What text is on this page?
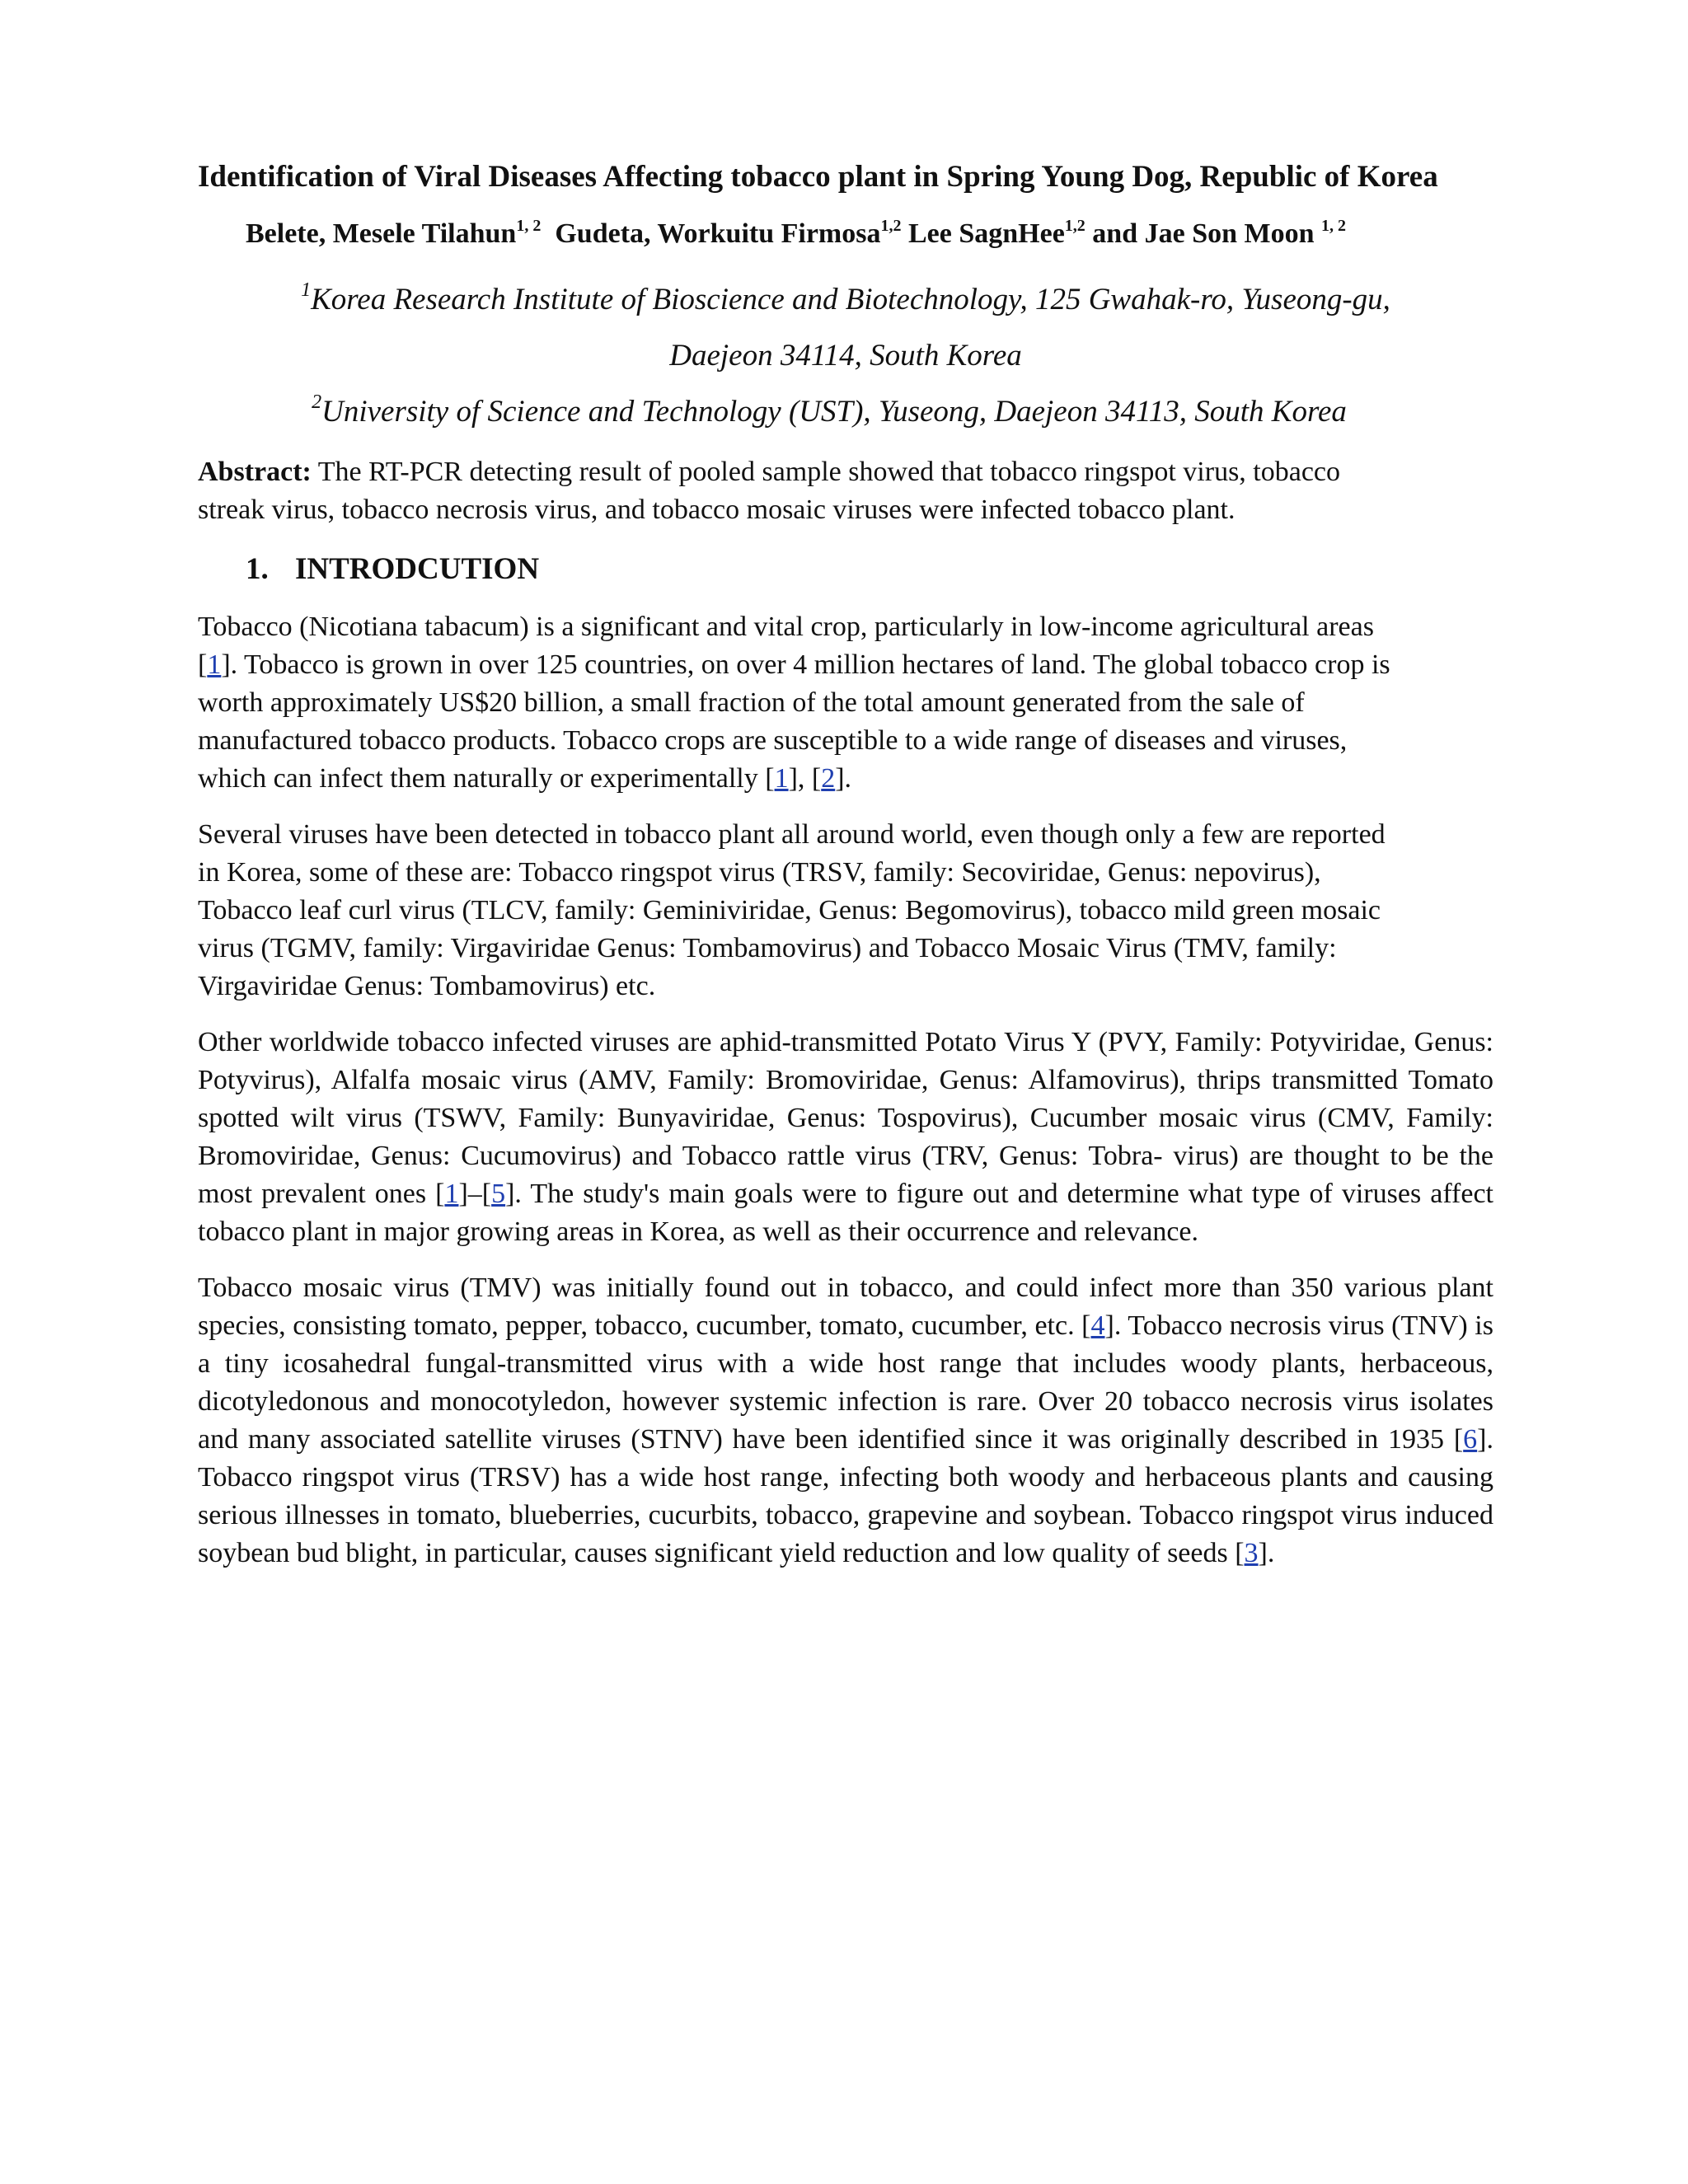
Identification of Viral Diseases Affecting tobacco plant in Spring Young Dog, Republic of Korea
Belete, Mesele Tilahun$^{1, 2}$ Gudeta, Workuitu Firmosa$^{1,2}$ Lee SagnHee$^{1,2}$ and Jae Son Moon $^{1, 2}$

$^1$Korea Research Institute of Bioscience and Biotechnology, 125 Gwahak-ro, Yuseong-gu,

Daejeon 34114, South Korea

$^2$University of Science and Technology (UST), Yuseong, Daejeon 34113, South Korea

Abstract: The RT-PCR detecting result of pooled sample showed that tobacco ringspot virus, tobacco streak virus, tobacco necrosis virus, and tobacco mosaic viruses were infected tobacco plant.

1. INTRODCUTION

Tobacco (Nicotiana tabacum) is a significant and vital crop, particularly in low-income agricultural areas [1]. Tobacco is grown in over 125 countries, on over 4 million hectares of land. The global tobacco crop is worth approximately US$20 billion, a small fraction of the total amount generated from the sale of manufactured tobacco products. Tobacco crops are susceptible to a wide range of diseases and viruses, which can infect them naturally or experimentally [1], [2].

Several viruses have been detected in tobacco plant all around world, even though only a few are reported in Korea, some of these are: Tobacco ringspot virus (TRSV, family: Secoviridae, Genus: nepovirus), Tobacco leaf curl virus (TLCV, family: Geminiviridae, Genus: Begomovirus), tobacco mild green mosaic virus (TGMV, family: Virgaviridae Genus: Tombamovirus) and Tobacco Mosaic Virus (TMV, family: Virgaviridae Genus: Tombamovirus) etc.

Other worldwide tobacco infected viruses are aphid-transmitted Potato Virus Y (PVY, Family: Potyviridae, Genus: Potyvirus), Alfalfa mosaic virus (AMV, Family: Bromoviridae, Genus: Alfamovirus), thrips transmitted Tomato spotted wilt virus (TSWV, Family: Bunyaviridae, Genus: Tospovirus), Cucumber mosaic virus (CMV, Family: Bromoviridae, Genus: Cucumovirus) and Tobacco rattle virus (TRV, Genus: Tobra- virus) are thought to be the most prevalent ones [1]–[5]. The study's main goals were to figure out and determine what type of viruses affect tobacco plant in major growing areas in Korea, as well as their occurrence and relevance.

Tobacco mosaic virus (TMV) was initially found out in tobacco, and could infect more than 350 various plant species, consisting tomato, pepper, tobacco, cucumber, tomato, cucumber, etc. [4]. Tobacco necrosis virus (TNV) is a tiny icosahedral fungal-transmitted virus with a wide host range that includes woody plants, herbaceous, dicotyledonous and monocotyledon, however systemic infection is rare. Over 20 tobacco necrosis virus isolates and many associated satellite viruses (STNV) have been identified since it was originally described in 1935 [6]. Tobacco ringspot virus (TRSV) has a wide host range, infecting both woody and herbaceous plants and causing serious illnesses in tomato, blueberries, cucurbits, tobacco, grapevine and soybean. Tobacco ringspot virus induced soybean bud blight, in particular, causes significant yield reduction and low quality of seeds [3].
